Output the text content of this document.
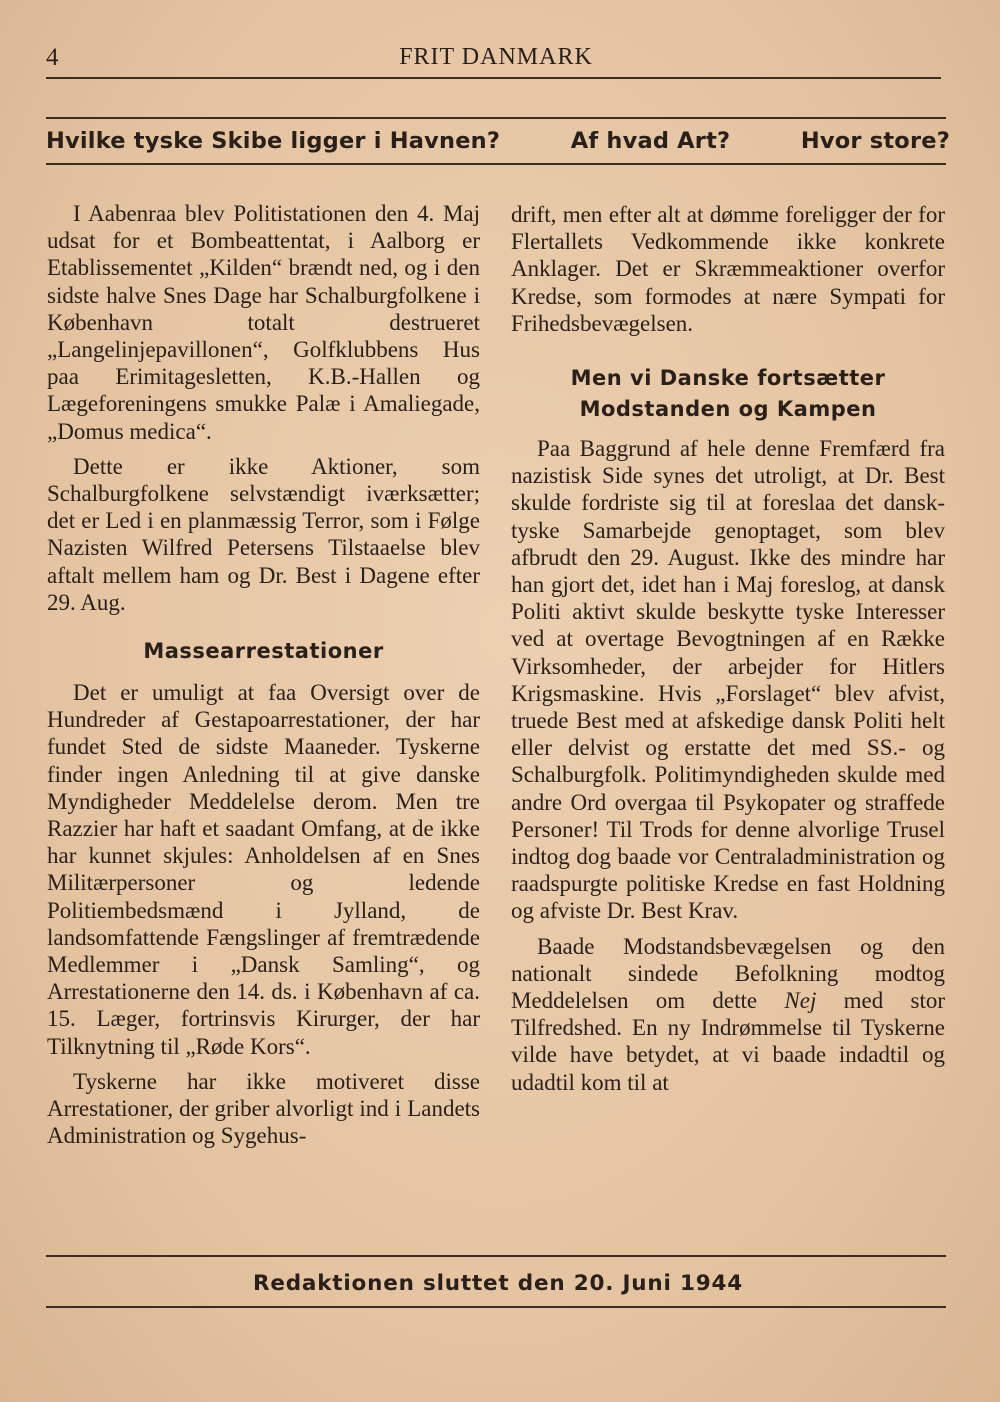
4	FRIT DANMARK
Hvilke tyske Skibe ligger i Havnen?	Af hvad Art?	Hvor store?

I Aabenraa blev Politistationen den 4. Maj udsat for et Bombeattentat, i Aalborg er Etablissementet „Kilden“ brændt ned, og i den sidste halve Snes Dage har Schalburgfolkene i København totalt destrueret „Langelinjepavillonen“, Golfklubbens Hus paa Erimitagesletten, K.B.-Hallen og Lægeforeningens smukke Palæ i Amaliegade, „Domus medica“.

Dette er ikke Aktioner, som Schalburgfolkene selvstændigt iværksætter; det er Led i en planmæssig Terror, som i Følge Nazisten Wilfred Petersens Tilstaaelse blev aftalt mellem ham og Dr. Best i Dagene efter 29. Aug.

Massearrestationer

Det er umuligt at faa Oversigt over de Hundreder af Gestapoarrestationer, der har fundet Sted de sidste Maaneder. Tyskerne finder ingen Anledning til at give danske Myndigheder Meddelelse derom. Men tre Razzier har haft et saadant Omfang, at de ikke har kunnet skjules: Anholdelsen af en Snes Militærpersoner og ledende Politiembedsmænd i Jylland, de landsomfattende Fængslinger af fremtrædende Medlemmer i „Dansk Samling“, og Arrestationerne den 14. ds. i København af ca. 15. Læger, fortrinsvis Kirurger, der har Tilknytning til „Røde Kors“.

Tyskerne har ikke motiveret disse Arrestationer, der griber alvorligt ind i Landets Administration og Sygehus-

drift, men efter alt at dømme foreligger der for Flertallets Vedkommende ikke konkrete Anklager. Det er Skræmmeaktioner overfor Kredse, som formodes at nære Sympati for Frihedsbevægelsen.

Men vi Danske fortsætter
Modstanden og Kampen

Paa Baggrund af hele denne Fremfærd fra nazistisk Side synes det utroligt, at Dr. Best skulde fordriste sig til at foreslaa det dansk-tyske Samarbejde genoptaget, som blev afbrudt den 29. August. Ikke des mindre har han gjort det, idet han i Maj foreslog, at dansk Politi aktivt skulde beskytte tyske Interesser ved at overtage Bevogtningen af en Række Virksomheder, der arbejder for Hitlers Krigsmaskine. Hvis „Forslaget“ blev afvist, truede Best med at afskedige dansk Politi helt eller delvist og erstatte det med SS.- og Schalburgfolk. Politimyndigheden skulde med andre Ord overgaa til Psykopater og straffede Personer! Til Trods for denne alvorlige Trusel indtog dog baade vor Centraladministration og raadspurgte politiske Kredse en fast Holdning og afviste Dr. Best Krav.

Baade Modstandsbevægelsen og den nationalt sindede Befolkning modtog Meddelelsen om dette Nej med stor Tilfredshed. En ny Indrømmelse til Tyskerne vilde have betydet, at vi baade indadtil og udadtil kom til at

Redaktionen sluttet den 20. Juni 1944
